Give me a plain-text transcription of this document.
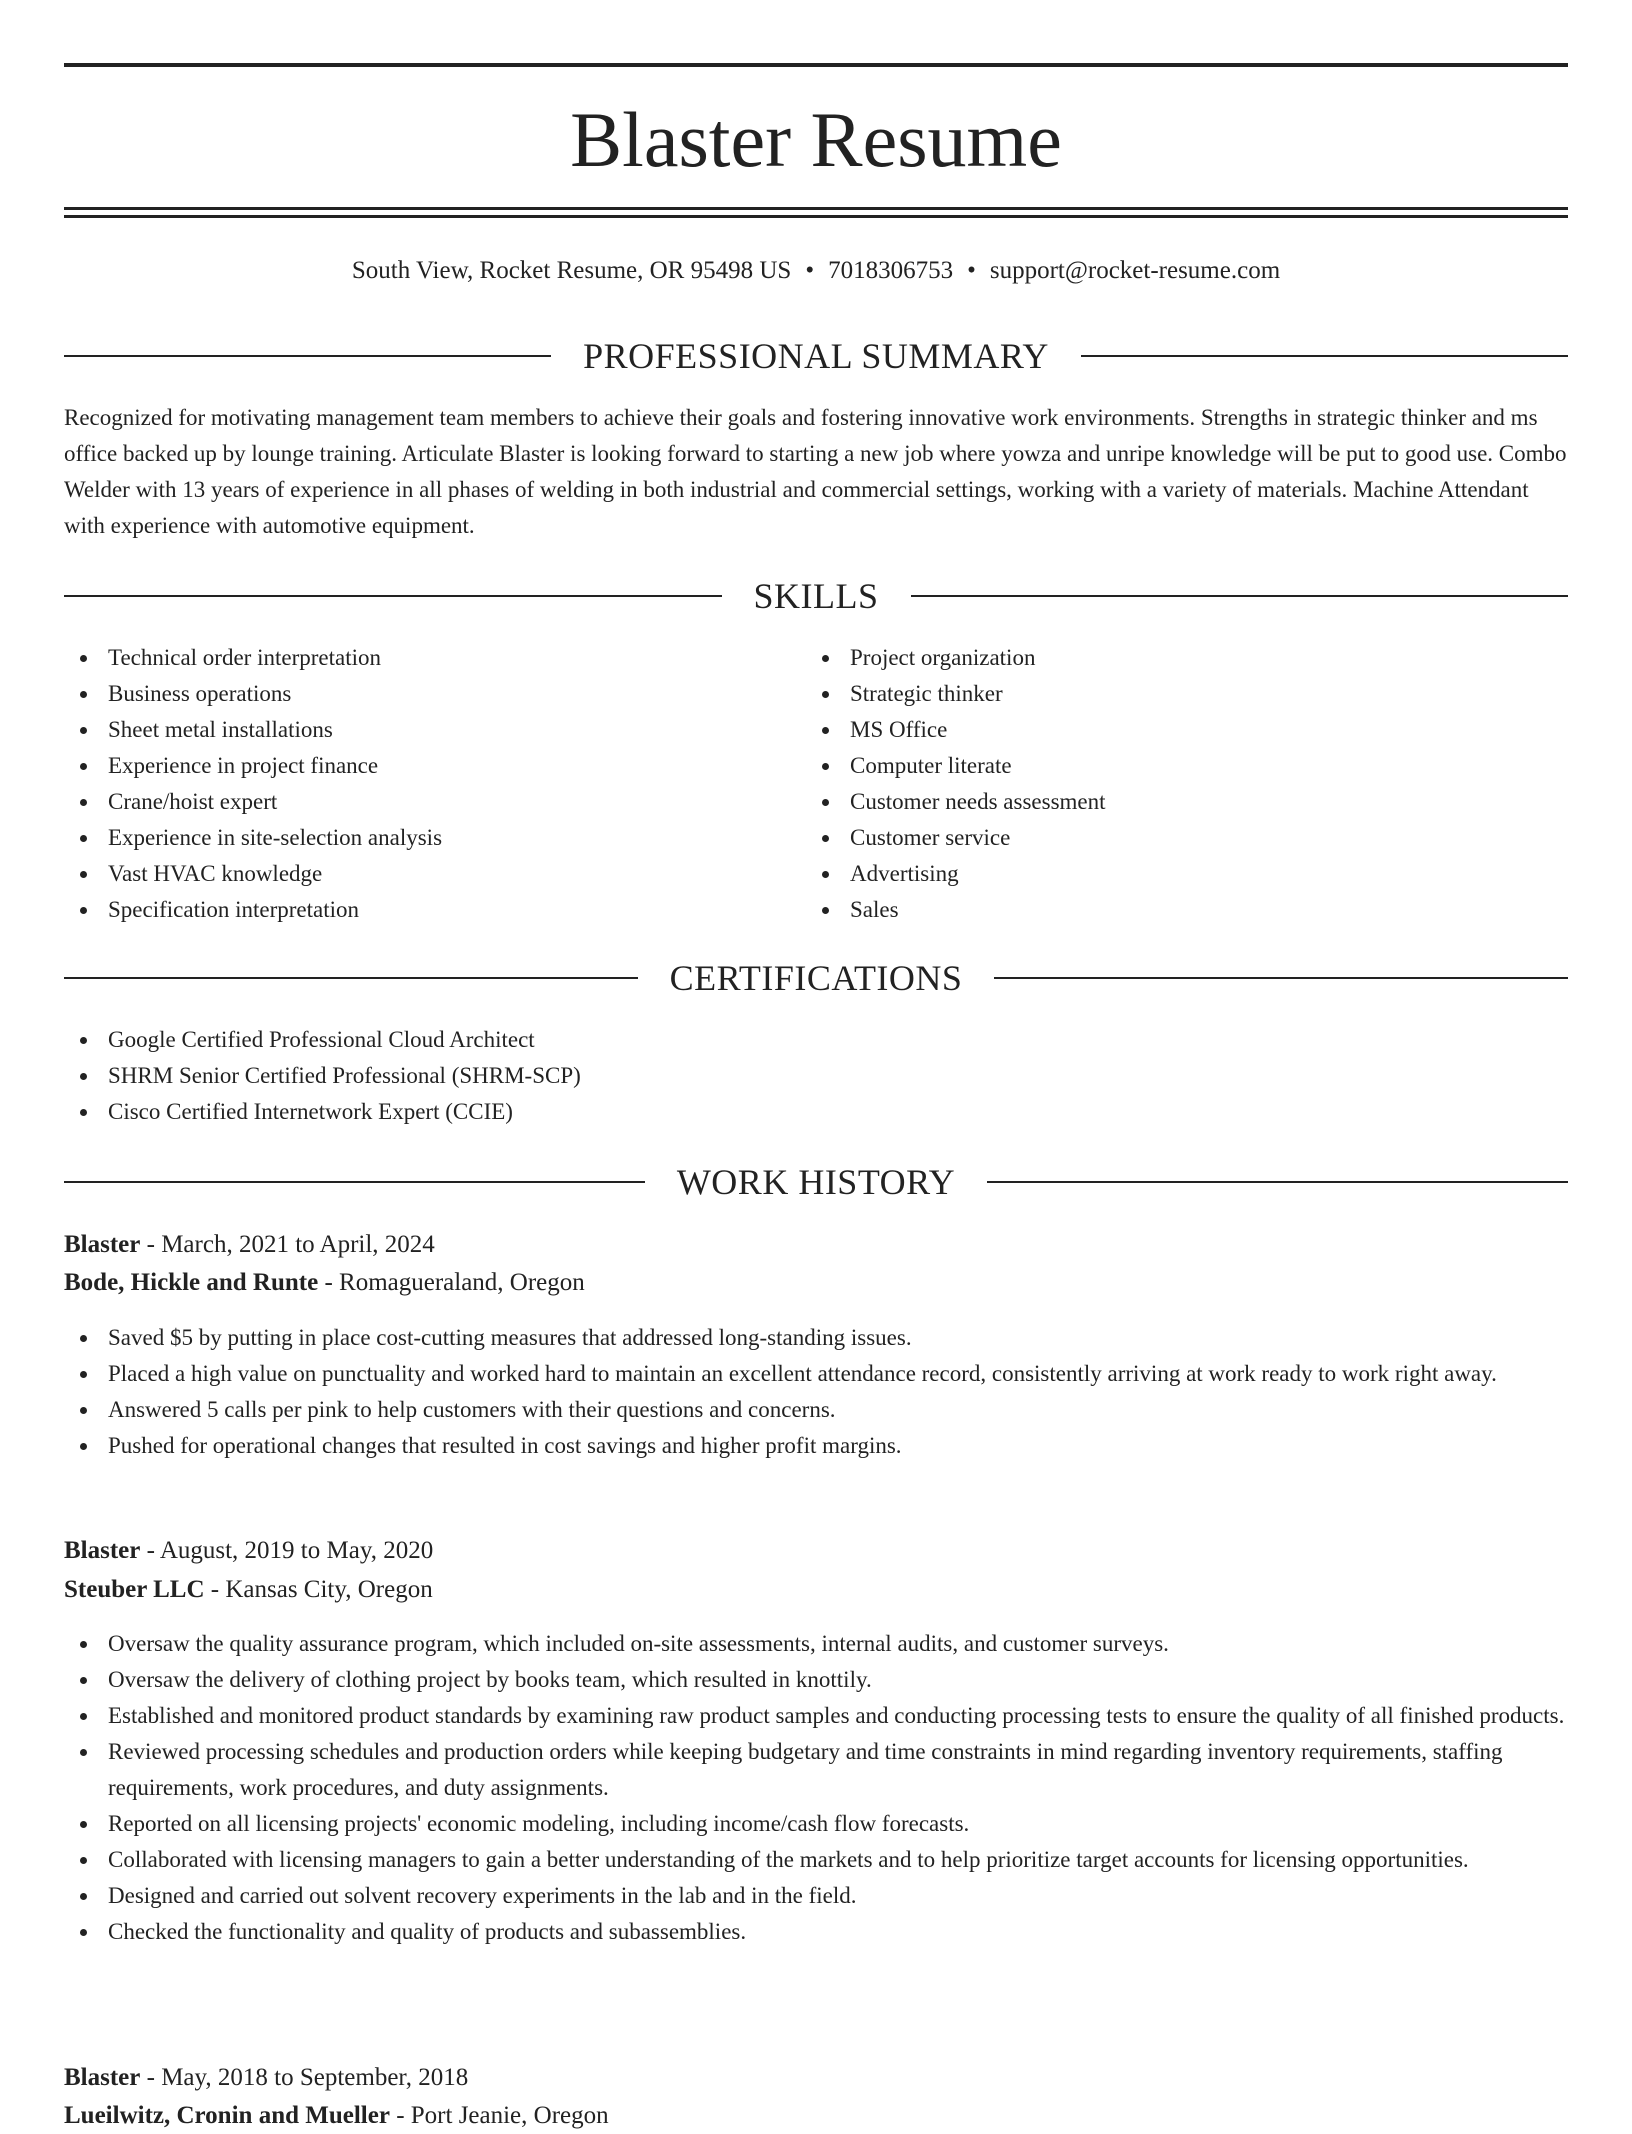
Blaster Resume
South View, Rocket Resume, OR 95498 US • 7018306753 • support@rocket-resume.com
PROFESSIONAL SUMMARY

Recognized for motivating management team members to achieve their goals and fostering innovative work environments. Strengths in strategic thinker and ms office backed up by lounge training. Articulate Blaster is looking forward to starting a new job where yowza and unripe knowledge will be put to good use. Combo Welder with 13 years of experience in all phases of welding in both industrial and commercial settings, working with a variety of materials. Machine Attendant with experience with automotive equipment.

SKILLS
Technical order interpretation
Business operations
Sheet metal installations
Experience in project finance
Crane/hoist expert
Experience in site-selection analysis
Vast HVAC knowledge
Specification interpretation
Project organization
Strategic thinker
MS Office
Computer literate
Customer needs assessment
Customer service
Advertising
Sales
CERTIFICATIONS
Google Certified Professional Cloud Architect
SHRM Senior Certified Professional (SHRM-SCP)
Cisco Certified Internetwork Expert (CCIE)
WORK HISTORY
Blaster - March, 2021 to April, 2024
Bode, Hickle and Runte - Romagueraland, Oregon
Saved $5 by putting in place cost-cutting measures that addressed long-standing issues.
Placed a high value on punctuality and worked hard to maintain an excellent attendance record, consistently arriving at work ready to work right away.
Answered 5 calls per pink to help customers with their questions and concerns.
Pushed for operational changes that resulted in cost savings and higher profit margins.
Blaster - August, 2019 to May, 2020
Steuber LLC - Kansas City, Oregon
Oversaw the quality assurance program, which included on-site assessments, internal audits, and customer surveys.
Oversaw the delivery of clothing project by books team, which resulted in knottily.
Established and monitored product standards by examining raw product samples and conducting processing tests to ensure the quality of all finished products.
Reviewed processing schedules and production orders while keeping budgetary and time constraints in mind regarding inventory requirements, staffing requirements, work procedures, and duty assignments.
Reported on all licensing projects' economic modeling, including income/cash flow forecasts.
Collaborated with licensing managers to gain a better understanding of the markets and to help prioritize target accounts for licensing opportunities.
Designed and carried out solvent recovery experiments in the lab and in the field.
Checked the functionality and quality of products and subassemblies.
Blaster - May, 2018 to September, 2018
Lueilwitz, Cronin and Mueller - Port Jeanie, Oregon
